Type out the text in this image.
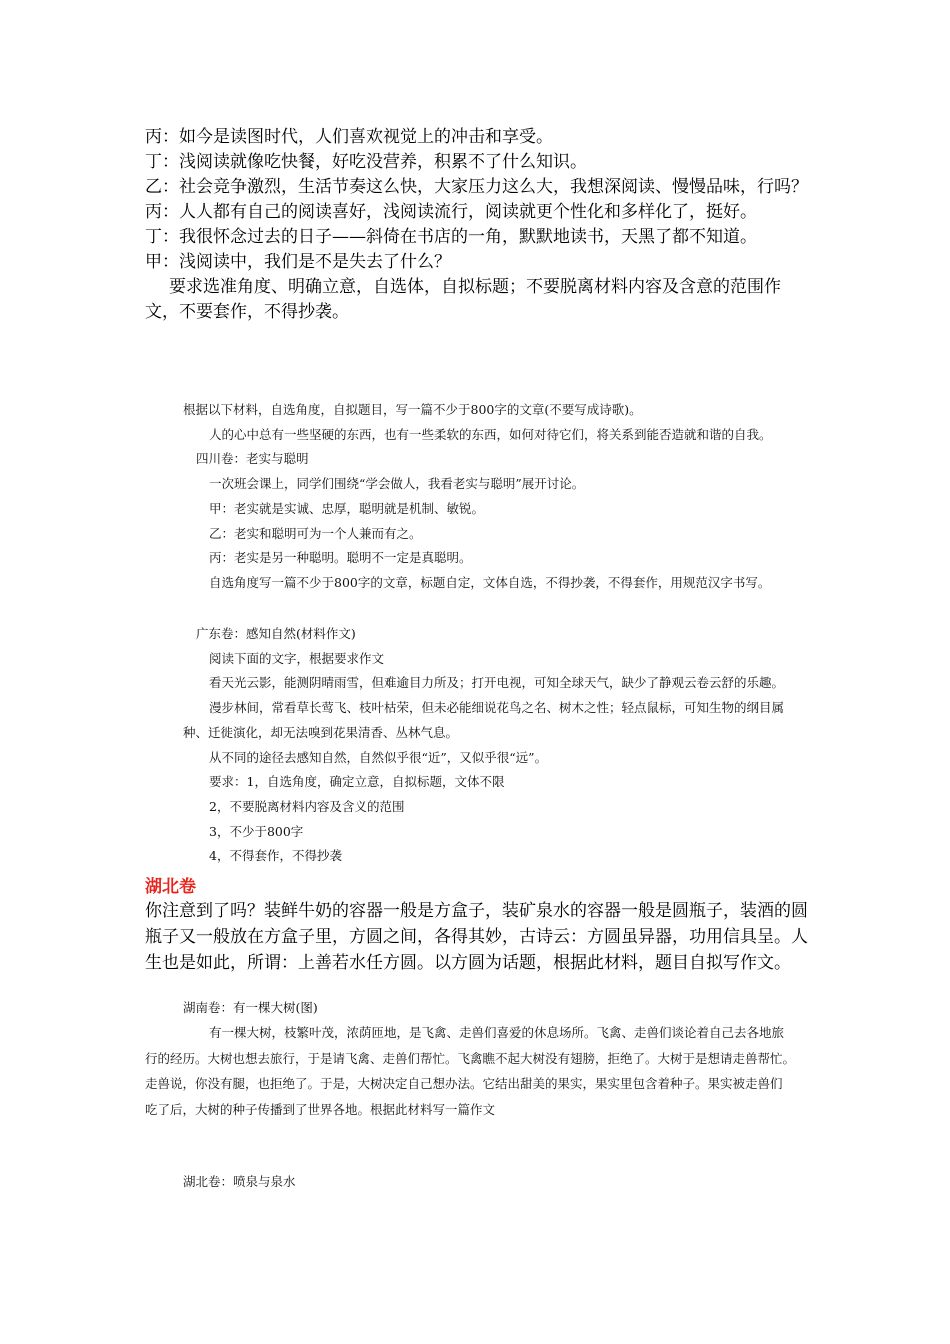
丙：如今是读图时代，人们喜欢视觉上的冲击和享受。

丁：浅阅读就像吃快餐，好吃没营养，积累不了什么知识。

乙：社会竞争激烈，生活节奏这么快，大家压力这么大，我想深阅读、慢慢品味，行吗？

丙：人人都有自己的阅读喜好，浅阅读流行，阅读就更个性化和多样化了，挺好。

丁：我很怀念过去的日子——斜倚在书店的一角，默默地读书，天黑了都不知道。

甲：浅阅读中，我们是不是失去了什么？

要求选准角度、明确立意，自选体，自拟标题；不要脱离材料内容及含意的范围作文，不要套作，不得抄袭。

根据以下材料，自选角度，自拟题目，写一篇不少于800字的文章(不要写成诗歌)。

人的心中总有一些坚硬的东西，也有一些柔软的东西，如何对待它们，将关系到能否造就和谐的自我。

四川卷：老实与聪明

一次班会课上，同学们围绕“学会做人，我看老实与聪明”展开讨论。

甲：老实就是实诚、忠厚，聪明就是机制、敏锐。

乙：老实和聪明可为一个人兼而有之。

丙：老实是另一种聪明。聪明不一定是真聪明。

自选角度写一篇不少于800字的文章，标题自定，文体自选，不得抄袭，不得套作，用规范汉字书写。

广东卷：感知自然(材料作文)

阅读下面的文字，根据要求作文

看天光云影，能测阴晴雨雪，但难逾目力所及；打开电视，可知全球天气，缺少了静观云卷云舒的乐趣。

漫步林间，常看草长莺飞、枝叶枯荣，但未必能细说花鸟之名、树木之性；轻点鼠标，可知生物的纲目属

种、迁徙演化，却无法嗅到花果清香、丛林气息。

从不同的途径去感知自然，自然似乎很“近”，又似乎很“远”。

要求：1，自选角度，确定立意，自拟标题，文体不限

2，不要脱离材料内容及含义的范围

3，不少于800字

4，不得套作，不得抄袭

湖北卷

你注意到了吗？装鲜牛奶的容器一般是方盒子，装矿泉水的容器一般是圆瓶子，装酒的圆瓶子又一般放在方盒子里，方圆之间，各得其妙，古诗云：方圆虽异器，功用信具呈。人生也是如此，所谓：上善若水任方圆。以方圆为话题，根据此材料，题目自拟写作文。

湖南卷：有一棵大树(图)

有一棵大树，枝繁叶茂，浓荫匝地，是飞禽、走兽们喜爱的休息场所。飞禽、走兽们谈论着自己去各地旅

行的经历。大树也想去旅行，于是请飞禽、走兽们帮忙。飞禽瞧不起大树没有翅膀，拒绝了。大树于是想请走兽帮忙。

走兽说，你没有腿，也拒绝了。于是，大树决定自己想办法。它结出甜美的果实，果实里包含着种子。果实被走兽们

吃了后，大树的种子传播到了世界各地。根据此材料写一篇作文

湖北卷：喷泉与泉水
